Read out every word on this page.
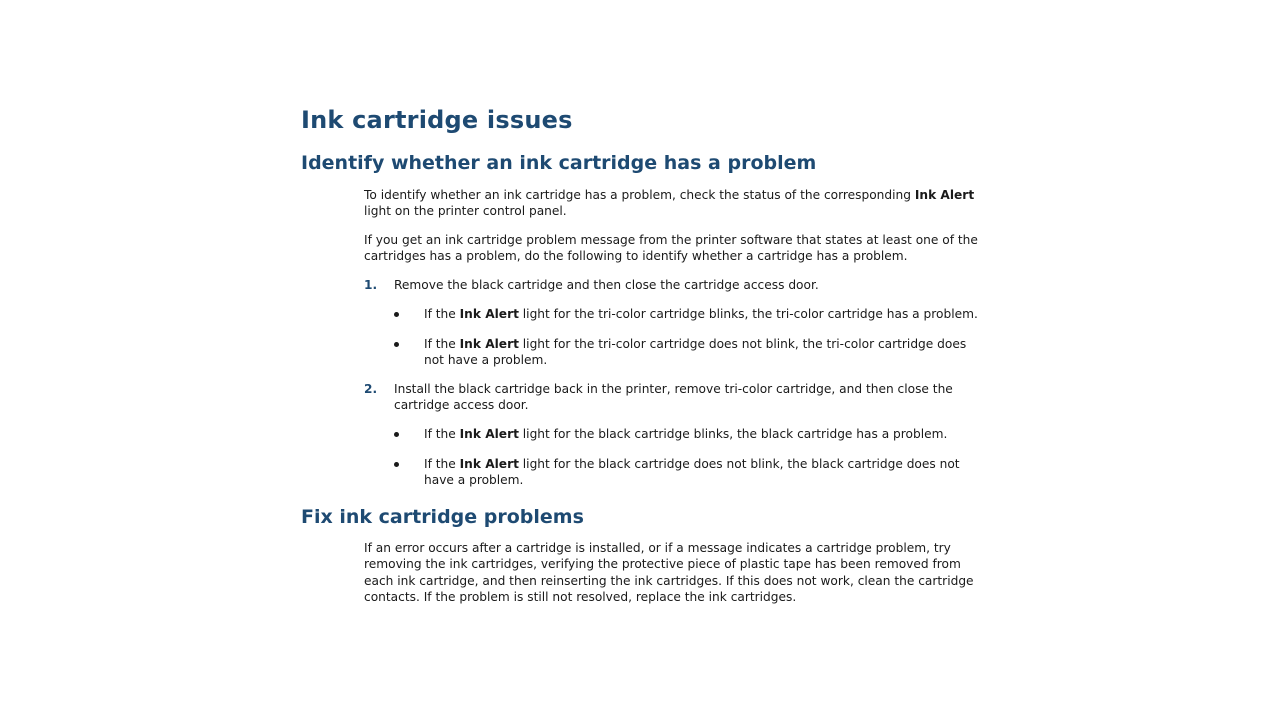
Ink cartridge issues
Identify whether an ink cartridge has a problem

To identify whether an ink cartridge has a problem, check the status of the corresponding Ink Alert light on the printer control panel.

If you get an ink cartridge problem message from the printer software that states at least one of the cartridges has a problem, do the following to identify whether a cartridge has a problem.

1.	Remove the black cartridge and then close the cartridge access door.
If the Ink Alert light for the tri-color cartridge blinks, the tri-color cartridge has a problem.
If the Ink Alert light for the tri-color cartridge does not blink, the tri-color cartridge does not have a problem.
2.	Install the black cartridge back in the printer, remove tri-color cartridge, and then close the cartridge access door.
If the Ink Alert light for the black cartridge blinks, the black cartridge has a problem.
If the Ink Alert light for the black cartridge does not blink, the black cartridge does not have a problem.
Fix ink cartridge problems

If an error occurs after a cartridge is installed, or if a message indicates a cartridge problem, try removing the ink cartridges, verifying the protective piece of plastic tape has been removed from each ink cartridge, and then reinserting the ink cartridges. If this does not work, clean the cartridge contacts. If the problem is still not resolved, replace the ink cartridges.
